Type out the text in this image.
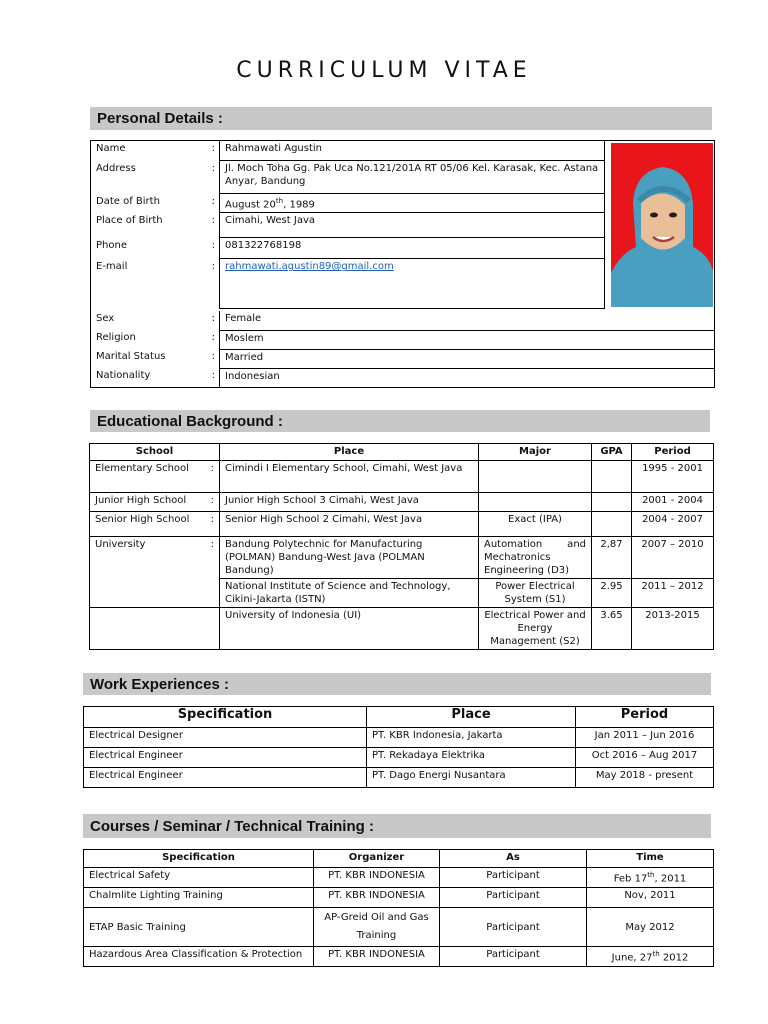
CURRICULUM VITAE
Personal Details :
Name	:	Rahmawati Agustin	
Address	:	Jl. Moch Toha Gg. Pak Uca No.121/201A RT 05/06 Kel. Karasak, Kec. Astana Anyar, Bandung	
Date of Birth	:	August 20th, 1989	
Place of Birth	:	Cimahi, West Java	
Phone	:	081322768198	
E-mail	:	rahmawati.agustin89@gmail.com	

Sex	:	Female	
Religion	:	Moslem	
Marital Status	:	Married	
Nationality	:	Indonesian	
Educational Background :
School	Place	Major	GPA	Period
Elementary School :	Cimindi I Elementary School, Cimahi, West Java			1995 - 2001
Junior High School :	Junior High School 3 Cimahi, West Java			2001 - 2004
Senior High School :	Senior High School 2 Cimahi, West Java	Exact (IPA)		2004 - 2007
University :	Bandung Polytechnic for Manufacturing (POLMAN) Bandung-West Java (POLMAN Bandung)	Automation and Mechatronics Engineering (D3)	2,87	2007 – 2010
	National Institute of Science and Technology, Cikini-Jakarta (ISTN)	Power Electrical System (S1)	2.95	2011 – 2012
	University of Indonesia (UI)	Electrical Power and Energy Management (S2)	3.65	2013-2015
Work Experiences :
Specification	Place	Period
Electrical Designer	PT. KBR Indonesia, Jakarta	Jan 2011 – Jun 2016
Electrical Engineer	PT. Rekadaya Elektrika	Oct 2016 – Aug 2017
Electrical Engineer	PT. Dago Energi Nusantara	May 2018 - present
Courses / Seminar / Technical Training :
Specification	Organizer	As	Time
Electrical Safety	PT. KBR INDONESIA	Participant	Feb 17th, 2011
Chalmlite Lighting Training	PT. KBR INDONESIA	Participant	Nov, 2011
ETAP Basic Training	AP-Greid Oil and Gas Training	Participant	May 2012
Hazardous Area Classification & Protection	PT. KBR INDONESIA	Participant	June, 27th 2012
